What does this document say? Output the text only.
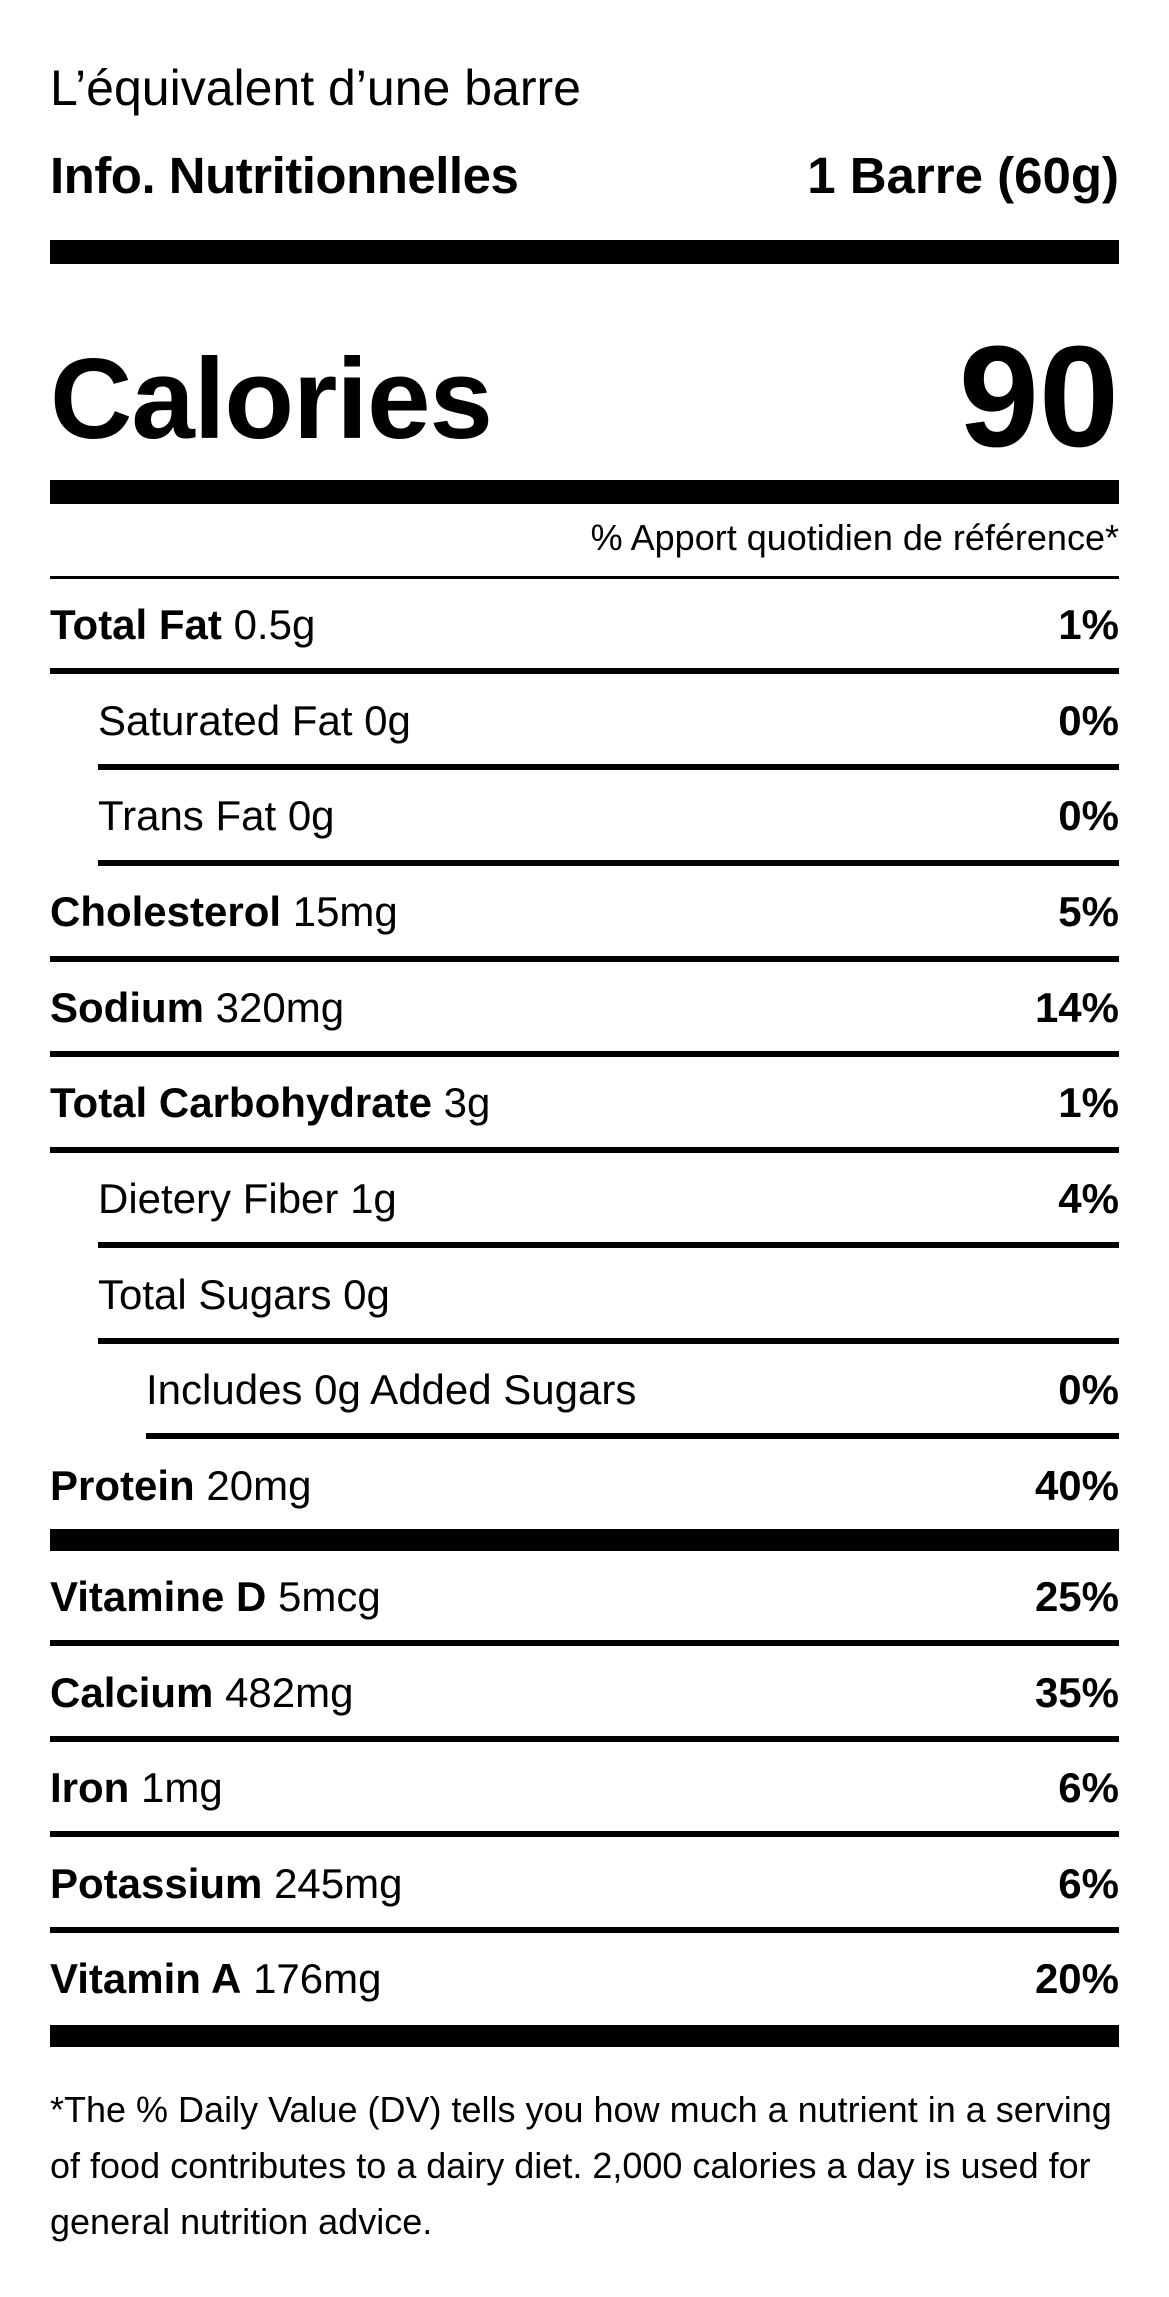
L’équivalent d’une barre
Info. Nutritionnelles	1 Barre (60g)
Calories	90
% Apport quotidien de référence*
Total Fat 0.5g	1%
Saturated Fat 0g	0%
Trans Fat 0g	0%
Cholesterol 15mg	5%
Sodium 320mg	14%
Total Carbohydrate 3g	1%
Dietery Fiber 1g	4%
Total Sugars 0g
Includes 0g Added Sugars	0%
Protein 20mg	40%
Vitamine D 5mcg	25%
Calcium 482mg	35%
Iron 1mg	6%
Potassium 245mg	6%
Vitamin A 176mg	20%
*The % Daily Value (DV) tells you how much a nutrient in a serving of food contributes to a dairy diet. 2,000 calories a day is used for general nutrition advice.
